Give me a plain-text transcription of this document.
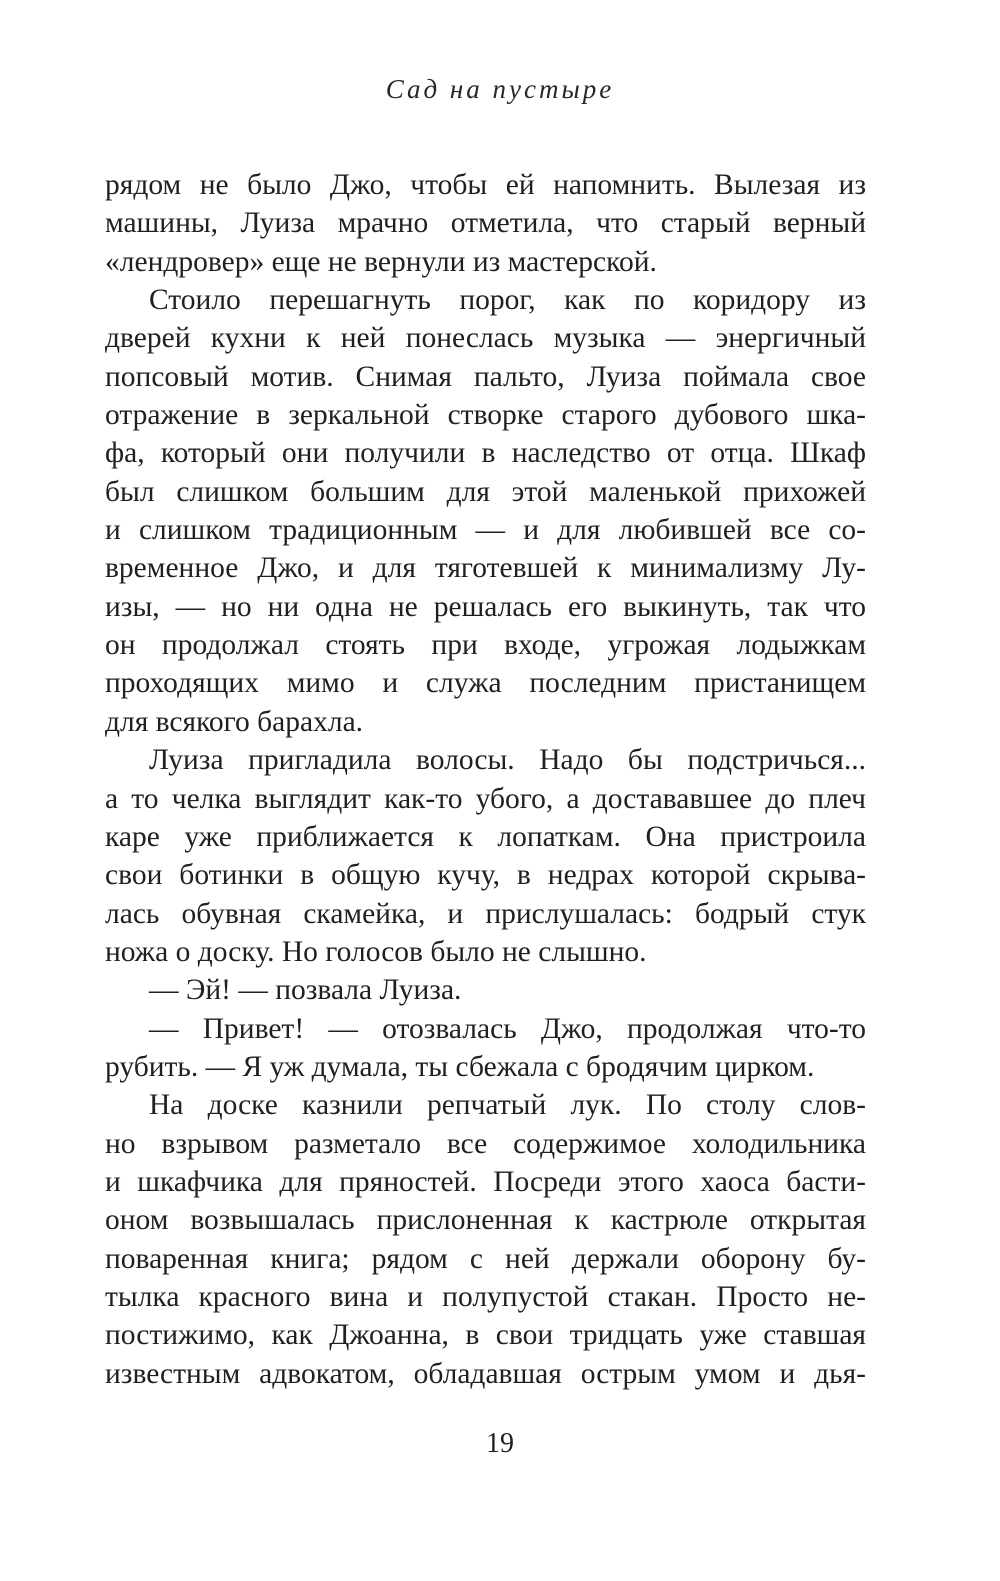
Сад на пустыре
рядом не было Джо, чтобы ей напомнить. Вылезая из
машины, Луиза мрачно отметила, что старый верный
«лендровер» еще не вернули из мастерской.
Стоило перешагнуть порог, как по коридору из
дверей кухни к ней понеслась музыка — энергичный
попсовый мотив. Снимая пальто, Луиза поймала свое
отражение в зеркальной створке старого дубового шка-
фа, который они получили в наследство от отца. Шкаф
был слишком большим для этой маленькой прихожей
и слишком традиционным — и для любившей все со-
временное Джо, и для тяготевшей к минимализму Лу-
изы, — но ни одна не решалась его выкинуть, так что
он продолжал стоять при входе, угрожая лодыжкам
проходящих мимо и служа последним пристанищем
для всякого барахла.
Луиза пригладила волосы. Надо бы подстричься...
а то челка выглядит как-то убого, а достававшее до плеч
каре уже приближается к лопаткам. Она пристроила
свои ботинки в общую кучу, в недрах которой скрыва-
лась обувная скамейка, и прислушалась: бодрый стук
ножа о доску. Но голосов было не слышно.
— Эй! — позвала Луиза.
— Привет! — отозвалась Джо, продолжая что-то
рубить. — Я уж думала, ты сбежала с бродячим цирком.
На доске казнили репчатый лук. По столу слов-
но взрывом разметало все содержимое холодильника
и шкафчика для пряностей. Посреди этого хаоса басти-
оном возвышалась прислоненная к кастрюле открытая
поваренная книга; рядом с ней держали оборону бу-
тылка красного вина и полупустой стакан. Просто не-
постижимо, как Джоанна, в свои тридцать уже ставшая
известным адвокатом, обладавшая острым умом и дья-
19
